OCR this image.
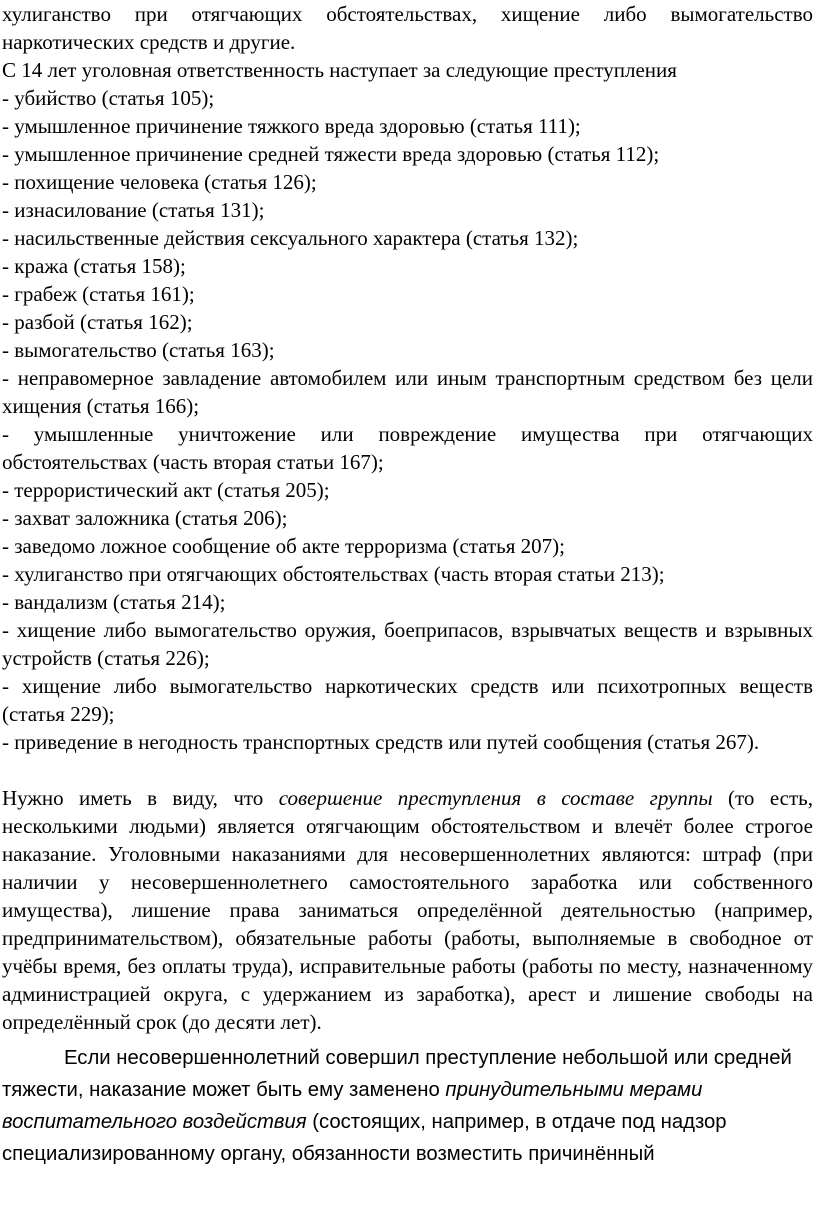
хулиганство при отягчающих обстоятельствах, хищение либо вымогательство наркотических средств и другие.

С 14 лет уголовная ответственность наступает за следующие преступления

- убийство (статья 105);

- умышленное причинение тяжкого вреда здоровью (статья 111);

- умышленное причинение средней тяжести вреда здоровью (статья 112);

- похищение человека (статья 126);

- изнасилование (статья 131);

- насильственные действия сексуального характера (статья 132);

- кража (статья 158);

- грабеж (статья 161);

- разбой (статья 162);

- вымогательство (статья 163);

- неправомерное завладение автомобилем или иным транспортным средством без цели хищения (статья 166);

- умышленные уничтожение или повреждение имущества при отягчающих обстоятельствах (часть вторая статьи 167);

- террористический акт (статья 205);

- захват заложника (статья 206);

- заведомо ложное сообщение об акте терроризма (статья 207);

- хулиганство при отягчающих обстоятельствах (часть вторая статьи 213);

- вандализм (статья 214);

- хищение либо вымогательство оружия, боеприпасов, взрывчатых веществ и взрывных устройств (статья 226);

- хищение либо вымогательство наркотических средств или психотропных веществ (статья 229);

- приведение в негодность транспортных средств или путей сообщения (статья 267).

Нужно иметь в виду, что совершение преступления в составе группы (то есть, несколькими людьми) является отягчающим обстоятельством и влечёт более строгое наказание. Уголовными наказаниями для несовершеннолетних являются: штраф (при наличии у несовершеннолетнего самостоятельного заработка или собственного имущества), лишение права заниматься определённой деятельностью (например, предпринимательством), обязательные работы (работы, выполняемые в свободное от учёбы время, без оплаты труда), исправительные работы (работы по месту, назначенному администрацией округа, с удержанием из заработка), арест и лишение свободы на определённый срок (до десяти лет).

Если несовершеннолетний совершил преступление небольшой или средней тяжести, наказание может быть ему заменено принудительными мерами воспитательного воздействия (состоящих, например, в отдаче под надзор специализированному органу, обязанности возместить причинённый
